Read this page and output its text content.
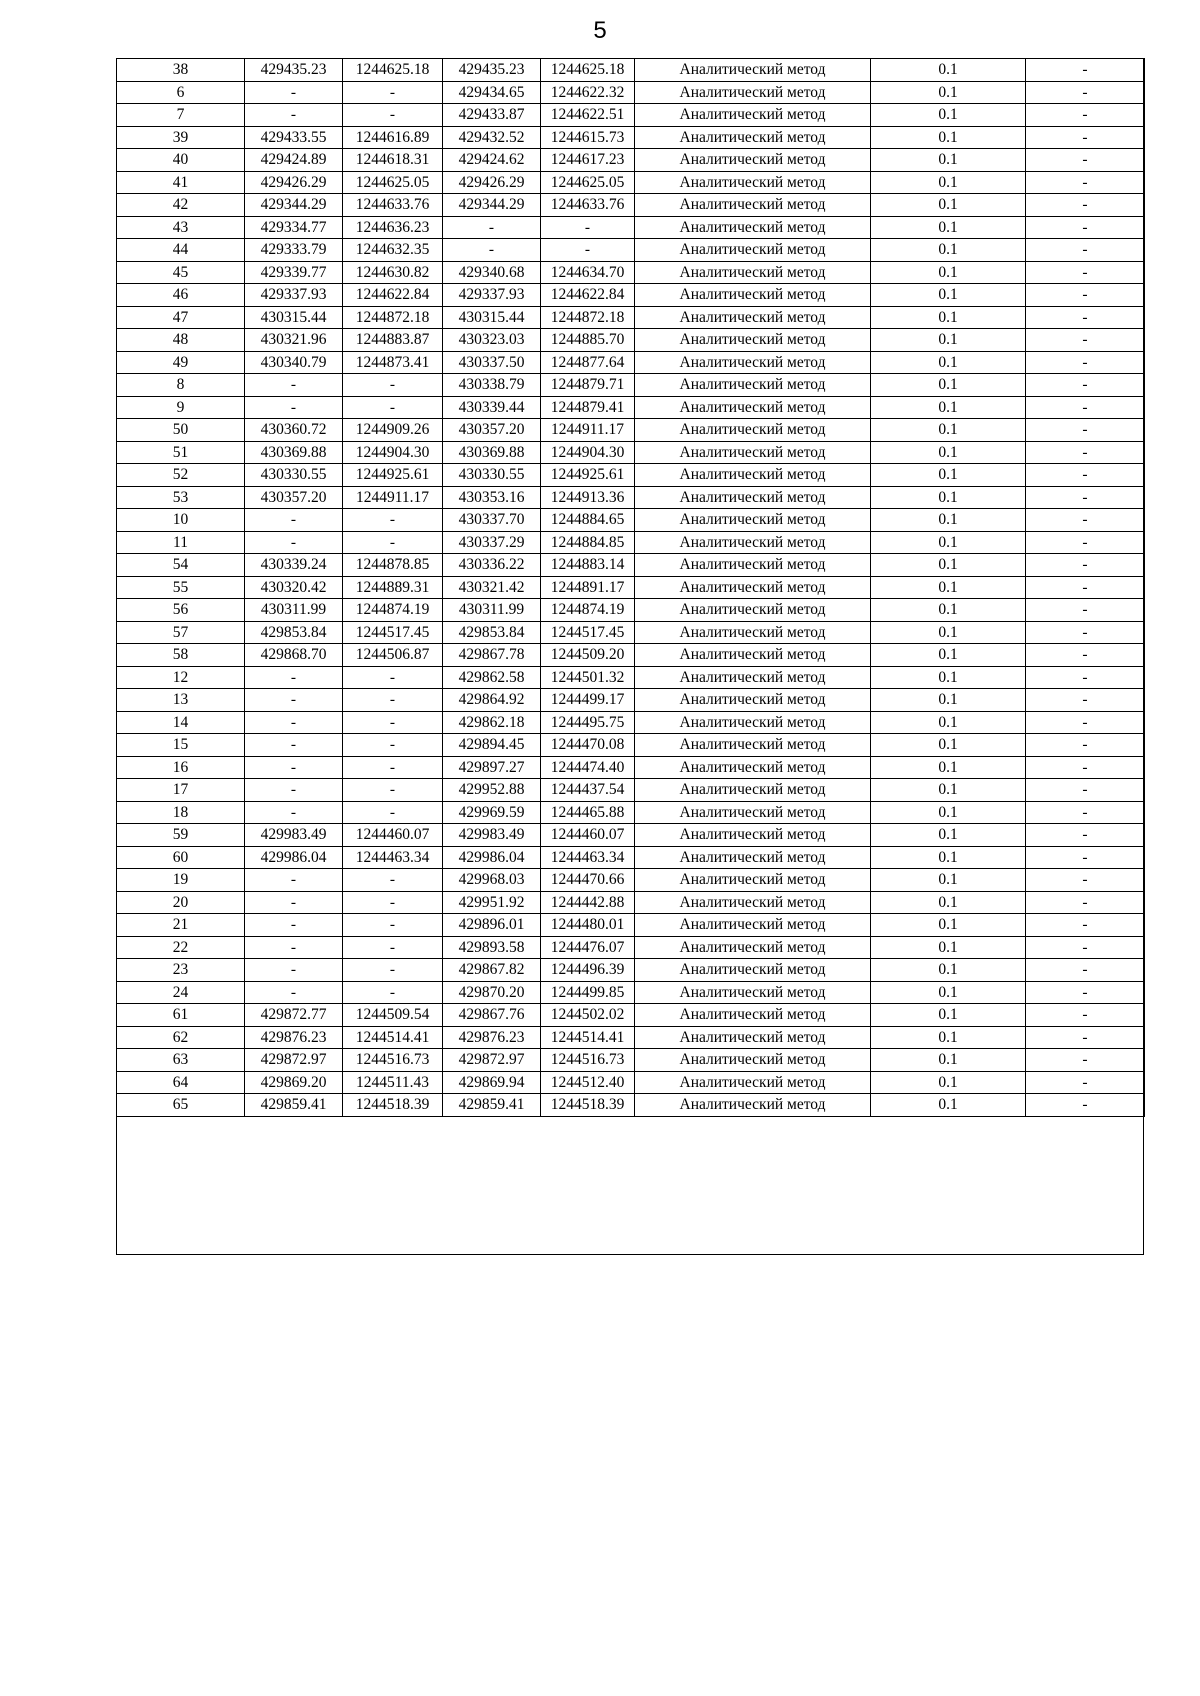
5
38	429435.23	1244625.18	429435.23	1244625.18	Аналитический метод	0.1	-
6	-	-	429434.65	1244622.32	Аналитический метод	0.1	-
7	-	-	429433.87	1244622.51	Аналитический метод	0.1	-
39	429433.55	1244616.89	429432.52	1244615.73	Аналитический метод	0.1	-
40	429424.89	1244618.31	429424.62	1244617.23	Аналитический метод	0.1	-
41	429426.29	1244625.05	429426.29	1244625.05	Аналитический метод	0.1	-
42	429344.29	1244633.76	429344.29	1244633.76	Аналитический метод	0.1	-
43	429334.77	1244636.23	-	-	Аналитический метод	0.1	-
44	429333.79	1244632.35	-	-	Аналитический метод	0.1	-
45	429339.77	1244630.82	429340.68	1244634.70	Аналитический метод	0.1	-
46	429337.93	1244622.84	429337.93	1244622.84	Аналитический метод	0.1	-
47	430315.44	1244872.18	430315.44	1244872.18	Аналитический метод	0.1	-
48	430321.96	1244883.87	430323.03	1244885.70	Аналитический метод	0.1	-
49	430340.79	1244873.41	430337.50	1244877.64	Аналитический метод	0.1	-
8	-	-	430338.79	1244879.71	Аналитический метод	0.1	-
9	-	-	430339.44	1244879.41	Аналитический метод	0.1	-
50	430360.72	1244909.26	430357.20	1244911.17	Аналитический метод	0.1	-
51	430369.88	1244904.30	430369.88	1244904.30	Аналитический метод	0.1	-
52	430330.55	1244925.61	430330.55	1244925.61	Аналитический метод	0.1	-
53	430357.20	1244911.17	430353.16	1244913.36	Аналитический метод	0.1	-
10	-	-	430337.70	1244884.65	Аналитический метод	0.1	-
11	-	-	430337.29	1244884.85	Аналитический метод	0.1	-
54	430339.24	1244878.85	430336.22	1244883.14	Аналитический метод	0.1	-
55	430320.42	1244889.31	430321.42	1244891.17	Аналитический метод	0.1	-
56	430311.99	1244874.19	430311.99	1244874.19	Аналитический метод	0.1	-
57	429853.84	1244517.45	429853.84	1244517.45	Аналитический метод	0.1	-
58	429868.70	1244506.87	429867.78	1244509.20	Аналитический метод	0.1	-
12	-	-	429862.58	1244501.32	Аналитический метод	0.1	-
13	-	-	429864.92	1244499.17	Аналитический метод	0.1	-
14	-	-	429862.18	1244495.75	Аналитический метод	0.1	-
15	-	-	429894.45	1244470.08	Аналитический метод	0.1	-
16	-	-	429897.27	1244474.40	Аналитический метод	0.1	-
17	-	-	429952.88	1244437.54	Аналитический метод	0.1	-
18	-	-	429969.59	1244465.88	Аналитический метод	0.1	-
59	429983.49	1244460.07	429983.49	1244460.07	Аналитический метод	0.1	-
60	429986.04	1244463.34	429986.04	1244463.34	Аналитический метод	0.1	-
19	-	-	429968.03	1244470.66	Аналитический метод	0.1	-
20	-	-	429951.92	1244442.88	Аналитический метод	0.1	-
21	-	-	429896.01	1244480.01	Аналитический метод	0.1	-
22	-	-	429893.58	1244476.07	Аналитический метод	0.1	-
23	-	-	429867.82	1244496.39	Аналитический метод	0.1	-
24	-	-	429870.20	1244499.85	Аналитический метод	0.1	-
61	429872.77	1244509.54	429867.76	1244502.02	Аналитический метод	0.1	-
62	429876.23	1244514.41	429876.23	1244514.41	Аналитический метод	0.1	-
63	429872.97	1244516.73	429872.97	1244516.73	Аналитический метод	0.1	-
64	429869.20	1244511.43	429869.94	1244512.40	Аналитический метод	0.1	-
65	429859.41	1244518.39	429859.41	1244518.39	Аналитический метод	0.1	-
